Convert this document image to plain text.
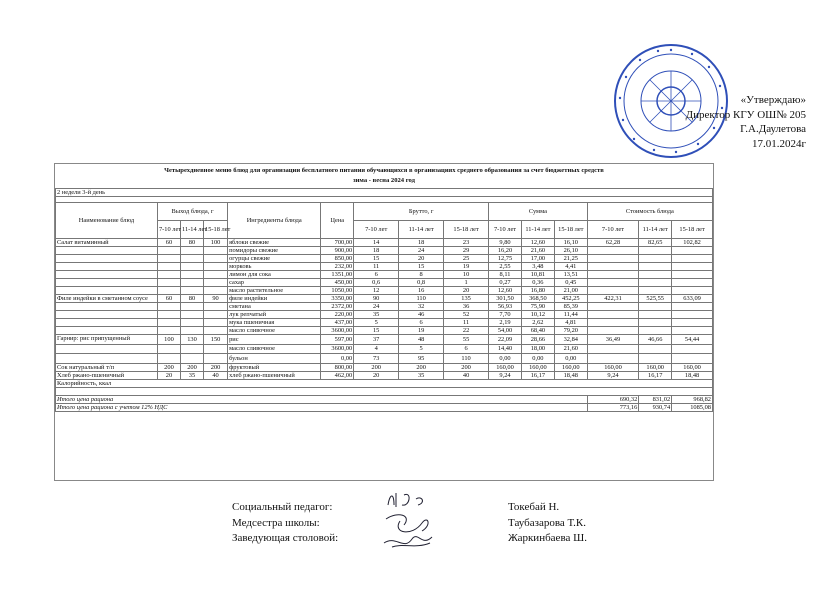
«Утверждаю»
Директор КГУ ОШ№ 205
Г.А.Даулетова
17.01.2024г
Четырехдневное меню блюд для организации бесплатного питания обучающихся в организациях среднего образования за счет бюджетных средств
зима - весна 2024 год
2 недели 3-й день														

Наименование блюд	Выход блюда, г			Ингредиенты блюда	Цена	Брутто, г			Сумма			Стоимость блюда		
	7-10 лет	11-14 лет	15-18 лет			7-10 лет	11-14 лет	15-18 лет	7-10 лет	11-14 лет	15-18 лет	7-10 лет	11-14 лет	15-18 лет
Салат витаминный	60	80	100	яблоки свежие	700,00	14	18	23	9,80	12,60	16,10	62,28	82,65	102,82
				помидоры свежие	900,00	18	24	29	16,20	21,60	26,10			
				огурцы свежие	850,00	15	20	25	12,75	17,00	21,25			
				морковь	232,00	11	15	19	2,55	3,48	4,41			
				лимон для сока	1351,00	6	8	10	8,11	10,81	13,51			
				сахар	450,00	0,6	0,8	1	0,27	0,36	0,45			
				масло растительное	1050,00	12	16	20	12,60	16,80	21,00			
Филе индейки в сметанном соусе	60	80	90	филе индейки	3350,00	90	110	135	301,50	368,50	452,25	422,31	525,55	633,09
				сметана	2372,00	24	32	36	56,93	75,90	85,39			
				лук репчатый	220,00	35	46	52	7,70	10,12	11,44			
				мука пшеничная	437,00	5	6	11	2,19	2,62	4,81			
				масло сливочное	3600,00	15	19	22	54,00	68,40	79,20			
Гарнир: рис припущенный	100	130	150	рис	597,00	37	48	55	22,09	28,66	32,84	36,49	46,66	54,44
				масло сливочное	3600,00	4	5	6	14,40	18,00	21,60			
				бульон	0,00	73	95	110	0,00	0,00	0,00			
Сок натуральный т/п	200	200	200	фруктовый	800,00	200	200	200	160,00	160,00	160,00	160,00	160,00	160,00
Хлеб ржано-пшеничный	20	35	40	хлеб ржано-пшеничный	462,00	20	35	40	9,24	16,17	18,48	9,24	16,17	18,48
Калорийность, ккал														

Итого цена рациона												690,32	831,02	968,82
Итого цена рациона с учетом 12% НДС												773,16	930,74	1085,08
Социальный педагог:	Токебай Н.
Медсестра школы:	Таубазарова Т.К.
Заведующая столовой:	Жаркинбаева Ш.
